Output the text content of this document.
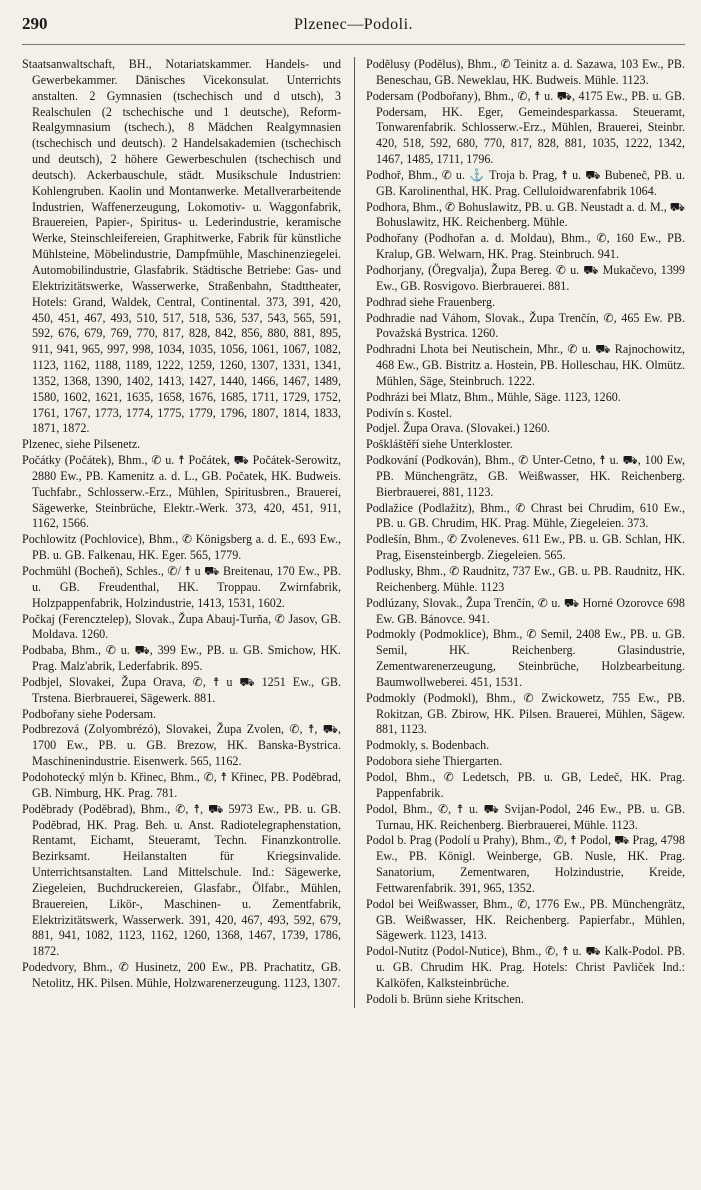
290	Plzenec—Podoli.

Staatsanwaltschaft, BH., Notariatskammer. Handels- und Gewerbekammer. Dänisches Vicekonsulat. Unterrichts anstalten. 2 Gymnasien (tschechisch und d utsch), 3 Realschulen (2 tschechische und 1 deutsche), Reform-Realgymnasium (tschech.), 8 Mädchen Realgymnasien (tschechisch und deutsch). 2 Handelsakademien (tschechisch und deutsch), 2 höhere Gewerbeschulen (tschechisch und deutsch). Ackerbauschule, städt. Musikschule Industrien: Kohlengruben. Kaolin und Montanwerke. Metallverarbeitende Industrien, Waffenerzeugung, Lokomotiv- u. Waggonfabrik, Brauereien, Papier-, Spiritus- u. Lederindustrie, keramische Werke, Steinschleifereien, Graphitwerke, Fabrik für künstliche Mühlsteine, Möbelindustrie, Dampfmühle, Maschinenziegelei. Automobilindustrie, Glasfabrik. Städtische Betriebe: Gas- und Elektrizitätswerke, Wasserwerke, Straßenbahn, Stadttheater, Hotels: Grand, Waldek, Central, Continental. 373, 391, 420, 450, 451, 467, 493, 510, 517, 518, 536, 537, 543, 565, 591, 592, 676, 679, 769, 770, 817, 828, 842, 856, 880, 881, 895, 911, 941, 965, 997, 998, 1034, 1035, 1056, 1061, 1067, 1082, 1123, 1162, 1188, 1189, 1222, 1259, 1260, 1307, 1331, 1341, 1352, 1368, 1390, 1402, 1413, 1427, 1440, 1466, 1467, 1489, 1580, 1602, 1621, 1635, 1658, 1676, 1685, 1711, 1729, 1752, 1761, 1767, 1773, 1774, 1775, 1779, 1796, 1807, 1814, 1833, 1871, 1872.

Plzenec, siehe Pilsenetz.

Počátky (Počátek), Bhm., ✆ u. ☨ Počátek, ⛟ Počátek-Serowitz, 2880 Ew., PB. Kamenitz a. d. L., GB. Počatek, HK. Budweis. Tuchfabr., Schlosserw.-Erz., Mühlen, Spiritusbren., Brauerei, Sägewerke, Steinbrüche, Elektr.-Werk. 373, 420, 451, 911, 1162, 1566.

Pochlowitz (Pochlovice), Bhm., ✆ Königsberg a. d. E., 693 Ew., PB. u. GB. Falkenau, HK. Eger. 565, 1779.

Pochmühl (Bocheň), Schles., ✆/ ☨ u ⛟ Breitenau, 170 Ew., PB. u. GB. Freudenthal, HK. Troppau. Zwirnfabrik, Holzpappenfabrik, Holzindustrie, 1413, 1531, 1602.

Počkaj (Ferencztelep), Slovak., Župa Abauj-Turňa, ✆ Jasov, GB. Moldava. 1260.

Podbaba, Bhm., ✆ u. ⛟, 399 Ew., PB. u. GB. Smichow, HK. Prag. Malz'abrik, Lederfabrik. 895.

Podbjel, Slovakei, Župa Orava, ✆, ☨ u ⛟ 1251 Ew., GB. Trstena. Bierbrauerei, Sägewerk. 881.

Podbořany siehe Podersam.

Podbrezová (Zolyombrézó), Slovakei, Župa Zvolen, ✆, ☨, ⛟, 1700 Ew., PB. u. GB. Brezow, HK. Banska-Bystrica. Maschinenindustrie. Eisenwerk. 565, 1162.

Podohotecký mlýn b. Křinec, Bhm., ✆, ☨ Křinec, PB. Poděbrad, GB. Nimburg, HK. Prag. 781.

Poděbrady (Poděbrad), Bhm., ✆, ☨, ⛟ 5973 Ew., PB. u. GB. Poděbrad, HK. Prag. Beh. u. Anst. Radiotelegraphenstation, Rentamt, Eichamt, Steueramt, Techn. Finanzkontrolle. Bezirksamt. Heilanstalten für Kriegsinvalide. Unterrichtsanstalten. Land Mittelschule. Ind.: Sägewerke, Ziegeleien, Buchdruckereien, Glasfabr., Ölfabr., Mühlen, Brauereien, Likör-, Maschinen- u. Zementfabrik, Elektrizitätswerk, Wasserwerk. 391, 420, 467, 493, 592, 679, 881, 941, 1082, 1123, 1162, 1260, 1368, 1467, 1739, 1786, 1872.

Podedvory, Bhm., ✆ Husinetz, 200 Ew., PB. Prachatitz, GB. Netolitz, HK. Pilsen. Mühle, Holzwarenerzeugung. 1123, 1307.

Podělusy (Podělus), Bhm., ✆ Teinitz a. d. Sazawa, 103 Ew., PB. Beneschau, GB. Neweklau, HK. Budweis. Mühle. 1123.

Podersam (Podbořany), Bhm., ✆, ☨ u. ⛟, 4175 Ew., PB. u. GB. Podersam, HK. Eger, Gemeindesparkassa. Steueramt, Tonwarenfabrik. Schlosserw.-Erz., Mühlen, Brauerei, Steinbr. 420, 518, 592, 680, 770, 817, 828, 881, 1035, 1222, 1342, 1467, 1485, 1711, 1796.

Podhoř, Bhm., ✆ u. ⚓ Troja b. Prag, ☨ u. ⛟ Bubeneč, PB. u. GB. Karolinenthal, HK. Prag. Celluloidwarenfabrik 1064.

Podhora, Bhm., ✆ Bohuslawitz, PB. u. GB. Neustadt a. d. M., ⛟ Bohuslawitz, HK. Reichenberg. Mühle.

Podhořany (Podhořan a. d. Moldau), Bhm., ✆, 160 Ew., PB. Kralup, GB. Welwarn, HK. Prag. Steinbruch. 941.

Podhorjany, (Öregvalja), Župa Bereg. ✆ u. ⛟ Mukačevo, 1399 Ew., GB. Rosvigovo. Bierbrauerei. 881.

Podhrad siehe Frauenberg.

Podhradie nad Váhom, Slovak., Župa Trenčín, ✆, 465 Ew. PB. Považská Bystrica. 1260.

Podhradni Lhota bei Neutischein, Mhr., ✆ u. ⛟ Rajnochowitz, 468 Ew., GB. Bistritz a. Hostein, PB. Holleschau, HK. Olmütz. Mühlen, Säge, Steinbruch. 1222.

Podhrázi bei Mlatz, Bhm., Mühle, Säge. 1123, 1260.

Podivín s. Kostel.

Podjel. Župa Orava. (Slovakei.) 1260.

Poškláštěří siehe Unterkloster.

Podkování (Podkován), Bhm., ✆ Unter-Cetno, ☨ u. ⛟, 100 Ew, PB. Münchengrätz, GB. Weißwasser, HK. Reichenberg. Bierbrauerei, 881, 1123.

Podlažice (Podlažitz), Bhm., ✆ Chrast bei Chrudim, 610 Ew., PB. u. GB. Chrudim, HK. Prag. Mühle, Ziegeleien. 373.

Podlešín, Bhm., ✆ Zvoleneves. 611 Ew., PB. u. GB. Schlan, HK. Prag, Eisensteinbergb. Ziegeleien. 565.

Podlusky, Bhm., ✆ Raudnitz, 737 Ew., GB. u. PB. Raudnitz, HK. Reichenberg. Mühle. 1123

Podlúzany, Slovak., Župa Trenčín, ✆ u. ⛟ Horné Ozorovce 698 Ew. GB. Bánovce. 941.

Podmokly (Podmoklice), Bhm., ✆ Semil, 2408 Ew., PB. u. GB. Semil, HK. Reichenberg. Glasindustrie, Zementwarenerzeugung, Steinbrüche, Holzbearbeitung. Baumwollweberei. 451, 1531.

Podmokly (Podmokl), Bhm., ✆ Zwickowetz, 755 Ew., PB. Rokitzan, GB. Zbirow, HK. Pilsen. Brauerei, Mühlen, Sägew. 881, 1123.

Podmokly, s. Bodenbach.

Podobora siehe Thiergarten.

Podol, Bhm., ✆ Ledetsch, PB. u. GB, Ledeč, HK. Prag. Pappenfabrik.

Podol, Bhm., ✆, ☨ u. ⛟ Svijan-Podol, 246 Ew., PB. u. GB. Turnau, HK. Reichenberg. Bierbrauerei, Mühle. 1123.

Podol b. Prag (Podolí u Prahy), Bhm., ✆, ☨ Podol, ⛟ Prag, 4798 Ew., PB. Königl. Weinberge, GB. Nusle, HK. Prag. Sanatorium, Zementwaren, Holzindustrie, Kreide, Fettwarenfabrik. 391, 965, 1352.

Podol bei Weißwasser, Bhm., ✆, 1776 Ew., PB. Münchengrätz, GB. Weißwasser, HK. Reichenberg. Papierfabr., Mühlen, Sägewerk. 1123, 1413.

Podol-Nutitz (Podol-Nutice), Bhm., ✆, ☨ u. ⛟ Kalk-Podol. PB. u. GB. Chrudim HK. Prag. Hotels: Christ Pavliček Ind.: Kalköfen, Kalksteinbrüche.

Podoli b. Brünn siehe Kritschen.
